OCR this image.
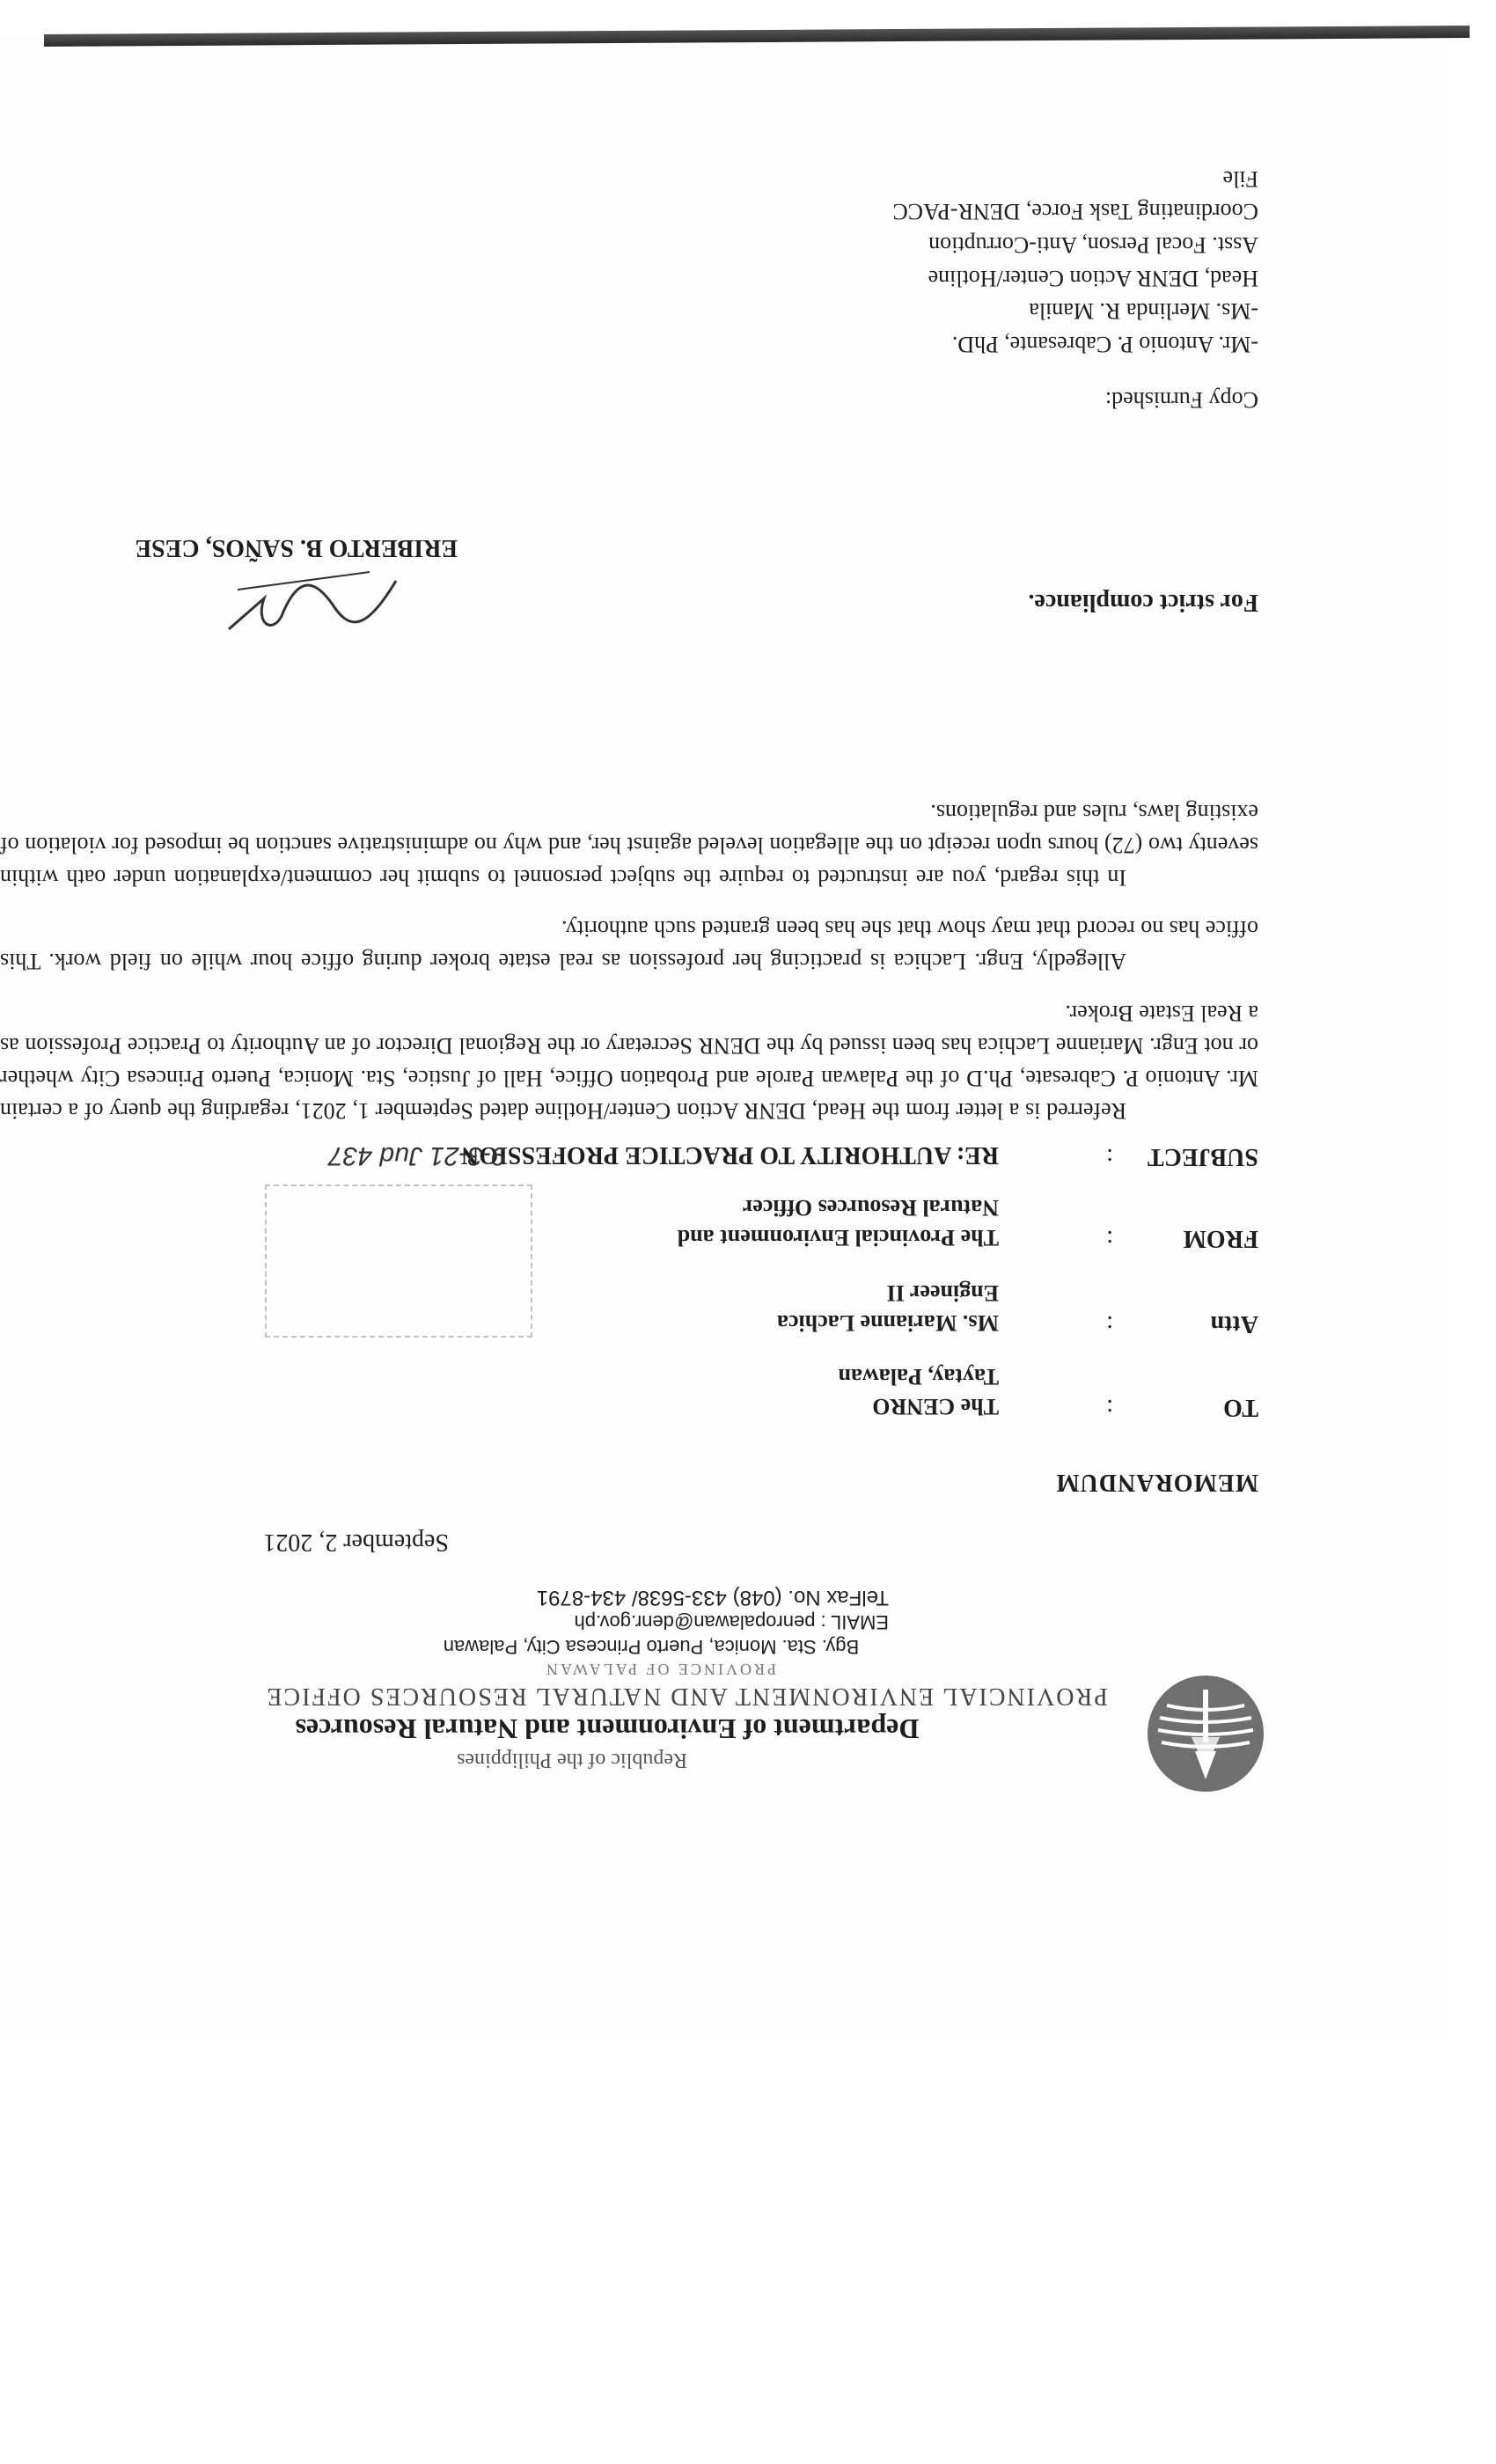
Republic of the Philippines
Department of Environment and Natural Resources
PROVINCIAL ENVIRONMENT AND NATURAL RESOURCES OFFICE
PROVINCE OF PALAWAN
Bgy. Sta. Monica, Puerto Princesa City, Palawan
EMAIL : penropalawan@denr.gov.ph
TelFax No. (048) 433-5638/ 434-8791
September 2, 2021
MEMORANDUM
TO
:
The CENRO
Taytay, Palawan
Attn
:
Ms. Marianne Lachica
Engineer II
FROM
:
The Provincial Environment and
Natural Resources Officer
SUBJECT
:
RE: AUTHORITY TO PRACTICE PROFESSION
9-3-21 Jud 437

Referred is a letter from the Head, DENR Action Center/Hotline dated September 1, 2021, regarding the query of a certain Mr. Antonio P. Cabresate, Ph.D of the Palawan Parole and Probation Office, Hall of Justice, Sta. Monica, Puerto Princesa City whether or not Engr. Marianne Lachica has been issued by the DENR Secretary or the Regional Director of an Authority to Practice Profession as a Real Estate Broker.

Allegedly, Engr. Lachica is practicing her profession as real estate broker during office hour while on field work. This office has no record that may show that she has been granted such authority.

In this regard, you are instructed to require the subject personnel to submit her comment/explanation under oath within seventy two (72) hours upon receipt on the allegation leveled against her, and why no administrative sanction be imposed for violation of existing laws, rules and regulations.

For strict compliance.
ERIBERTO B. SAÑOS, CESE
Copy Furnished:
-Mr. Antonio P. Cabresante, PhD.
-Ms. Merlinda R. Manila
Head, DENR Action Center/Hotline
Asst. Focal Person, Anti-Corruption
Coordinating Task Force, DENR-PACC
File
